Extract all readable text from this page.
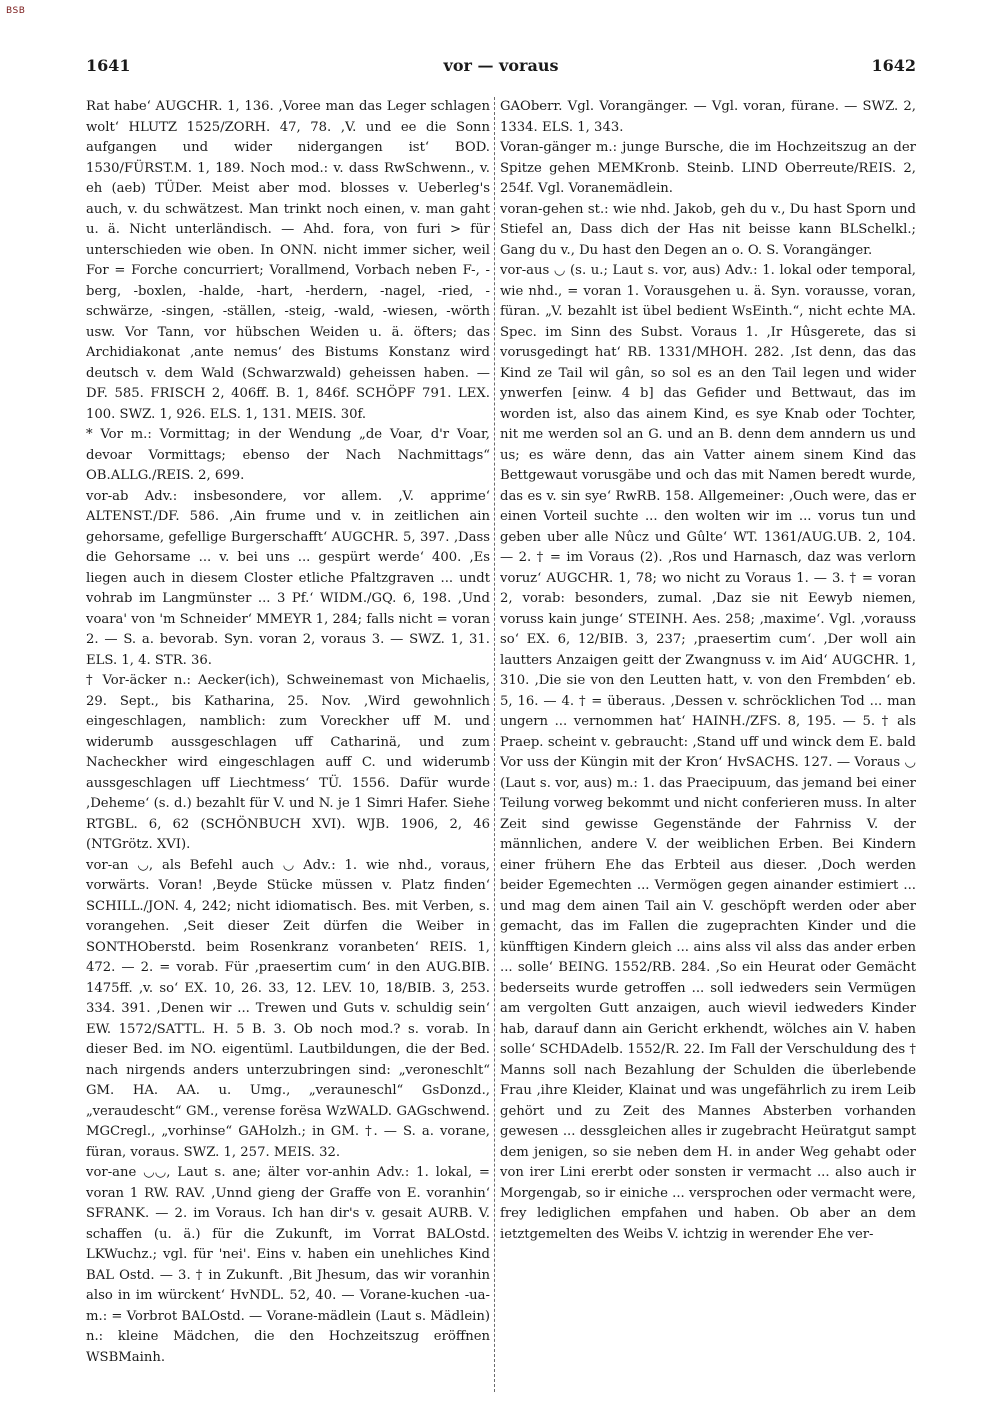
BSB
1641	vor — voraus	1642

Rat habe‘ AUGCHR. 1, 136. ‚Voree man das Leger schlagen wolt‘ HLUTZ 1525/ZORH. 47, 78. ‚V. und ee die Sonn aufgangen und wider nidergangen ist‘ BOD. 1530/FÜRST.M. 1, 189. Noch mod.: v. dass RwSchwenn., v. eh (aeb) TÜDer. Meist aber mod. blosses v. Ueberleg's auch, v. du schwätzest. Man trinkt noch einen, v. man gaht u. ä. Nicht unterländisch. — Ahd. fora, von furi > für unterschieden wie oben. In ONN. nicht immer sicher, weil For = Forche concurriert; Vorallmend, Vorbach neben F-, -berg, -boxlen, -halde, -hart, -herdern, -nagel, -ried, -schwärze, -singen, -ställen, -steig, -wald, -wiesen, -wörth usw. Vor Tann, vor hübschen Weiden u. ä. öfters; das Archidiakonat ‚ante nemus‘ des Bistums Konstanz wird deutsch v. dem Wald (Schwarzwald) geheissen haben. — DF. 585. FRISCH 2, 406ff. B. 1, 846f. SCHÖPF 791. LEX. 100. SWZ. 1, 926. ELS. 1, 131. MEIS. 30f.

* Vor m.: Vormittag; in der Wendung „de Voar, d'r Voar, devoar Vormittags; ebenso der Nach Nachmittags“ OB.ALLG./REIS. 2, 699.

vor-ab Adv.: insbesondere, vor allem. ‚V. apprime‘ ALTENST./DF. 586. ‚Ain frume und v. in zeitlichen ain gehorsame, gefellige Burgerschafft‘ AUGCHR. 5, 397. ‚Dass die Gehorsame ... v. bei uns ... gespürt werde‘ 400. ‚Es liegen auch in diesem Closter etliche Pfaltzgraven ... undt vohrab im Langmünster ... 3 Pf.‘ WIDM./GQ. 6, 198. ‚Und voara' von 'm Schneider‘ MMEYR 1, 284; falls nicht = voran 2. — S. a. bevorab. Syn. voran 2, voraus 3. — SWZ. 1, 31. ELS. 1, 4. STR. 36.

† Vor-äcker n.: Aecker(ich), Schweinemast von Michaelis, 29. Sept., bis Katharina, 25. Nov. ‚Wird gewohnlich eingeschlagen, namblich: zum Voreckher uff M. und widerumb aussgeschlagen uff Catharinä, und zum Nacheckher wird eingeschlagen auff C. und widerumb aussgeschlagen uff Liechtmess‘ TÜ. 1556. Dafür wurde ‚Deheme‘ (s. d.) bezahlt für V. und N. je 1 Simri Hafer. Siehe RTGBL. 6, 62 (SCHÖNBUCH XVI). WJB. 1906, 2, 46 (NTGrötz. XVI).

vor-an ◡, als Befehl auch ◡ Adv.: 1. wie nhd., voraus, vorwärts. Voran! ‚Beyde Stücke müssen v. Platz finden‘ SCHILL./JON. 4, 242; nicht idiomatisch. Bes. mit Verben, s. vorangehen. ‚Seit dieser Zeit dürfen die Weiber in SONTHOberstd. beim Rosenkranz voranbeten‘ REIS. 1, 472. — 2. = vorab. Für ‚praesertim cum‘ in den AUG.BIB. 1475ff. ‚v. so‘ EX. 10, 26. 33, 12. LEV. 10, 18/BIB. 3, 253. 334. 391. ‚Denen wir ... Trewen und Guts v. schuldig sein‘ EW. 1572/SATTL. H. 5 B. 3. Ob noch mod.? s. vorab. In dieser Bed. im NO. eigentüml. Lautbildungen, die der Bed. nach nirgends anders unterzubringen sind: „veroneschlt“ GM. HA. AA. u. Umg., „verauneschl“ GsDonzd., „veraudescht“ GM., verense forësa WzWALD. GAGschwend. MGCregl., „vorhinse“ GAHolzh.; in GM. †. — S. a. vorane, füran, voraus. SWZ. 1, 257. MEIS. 32.

vor-ane ◡◡, Laut s. ane; älter vor-anhin Adv.: 1. lokal, = voran 1 RW. RAV. ‚Unnd gieng der Graffe von E. voranhin‘ SFRANK. — 2. im Voraus. Ich han dir's v. gesait AURB. V. schaffen (u. ä.) für die Zukunft, im Vorrat BALOstd. LKWuchz.; vgl. für 'nei'. Eins v. haben ein unehliches Kind BAL Ostd. — 3. † in Zukunft. ‚Bit Jhesum, das wir voranhin also in im würckent‘ HvNDL. 52, 40. — Vorane-kuchen -ua- m.: = Vorbrot BALOstd. — Vorane-mädlein (Laut s. Mädlein) n.: kleine Mädchen, die den Hochzeitszug eröffnen WSBMainh.

GAOberr. Vgl. Vorangänger. — Vgl. voran, fürane. — SWZ. 2, 1334. ELS. 1, 343.

Voran-gänger m.: junge Bursche, die im Hochzeitszug an der Spitze gehen MEMKronb. Steinb. LIND Oberreute/REIS. 2, 254f. Vgl. Voranemädlein.

voran-gehen st.: wie nhd. Jakob, geh du v., Du hast Sporn und Stiefel an, Dass dich der Has nit beisse kann BLSchelkl.; Gang du v., Du hast den Degen an o. O. S. Vorangänger.

vor-aus ◡ (s. u.; Laut s. vor, aus) Adv.: 1. lokal oder temporal, wie nhd., = voran 1. Vorausgehen u. ä. Syn. vorausse, voran, füran. „V. bezahlt ist übel bedient WsEinth.“, nicht echte MA. Spec. im Sinn des Subst. Voraus 1. ‚Ir Hûsgerete, das si vorusgedingt hat‘ RB. 1331/MHOH. 282. ‚Ist denn, das das Kind ze Tail wil gân, so sol es an den Tail legen und wider ynwerfen [einw. 4 b] das Gefider und Bettwaut, das im worden ist, also das ainem Kind, es sye Knab oder Tochter, nit me werden sol an G. und an B. denn dem anndern us und us; es wäre denn, das ain Vatter ainem sinem Kind das Bettgewaut vorusgäbe und och das mit Namen beredt wurde, das es v. sin sye‘ RwRB. 158. Allgemeiner: ‚Ouch were, das er einen Vorteil suchte ... den wolten wir im ... vorus tun und geben uber alle Nûcz und Gûlte‘ WT. 1361/AUG.UB. 2, 104. — 2. † = im Voraus (2). ‚Ros und Harnasch, daz was verlorn voruz‘ AUGCHR. 1, 78; wo nicht zu Voraus 1. — 3. † = voran 2, vorab: besonders, zumal. ‚Daz sie nit Eewyb niemen, voruss kain junge‘ STEINH. Aes. 258; ‚maxime‘. Vgl. ‚vorauss so‘ EX. 6, 12/BIB. 3, 237; ‚praesertim cum‘. ‚Der woll ain lautters Anzaigen geitt der Zwangnuss v. im Aid‘ AUGCHR. 1, 310. ‚Die sie von den Leutten hatt, v. von den Frembden‘ eb. 5, 16. — 4. † = überaus. ‚Dessen v. schröcklichen Tod ... man ungern ... vernommen hat‘ HAINH./ZFS. 8, 195. — 5. † als Praep. scheint v. gebraucht: ‚Stand uff und winck dem E. bald Vor uss der Küngin mit der Kron‘ HvSACHS. 127. — Voraus ◡ (Laut s. vor, aus) m.: 1. das Praecipuum, das jemand bei einer Teilung vorweg bekommt und nicht conferieren muss. In alter Zeit sind gewisse Gegenstände der Fahrniss V. der männlichen, andere V. der weiblichen Erben. Bei Kindern einer frühern Ehe das Erbteil aus dieser. ‚Doch werden beider Egemechten ... Vermögen gegen ainander estimiert ... und mag dem ainen Tail ain V. geschöpft werden oder aber gemacht, das im Fallen die zugeprachten Kinder und die künfftigen Kindern gleich ... ains alss vil alss das ander erben ... solle‘ BEING. 1552/RB. 284. ‚So ein Heurat oder Gemächt bederseits wurde getroffen ... soll iedweders sein Vermügen am vergolten Gutt anzaigen, auch wievil iedweders Kinder hab, darauf dann ain Gericht erkhendt, wölches ain V. haben solle‘ SCHDAdelb. 1552/R. 22. Im Fall der Verschuldung des † Manns soll nach Bezahlung der Schulden die überlebende Frau ‚ihre Kleider, Klainat und was ungefährlich zu irem Leib gehört und zu Zeit des Mannes Absterben vorhanden gewesen ... dessgleichen alles ir zugebracht Heüratgut sampt dem jenigen, so sie neben dem H. in ander Weg gehabt oder von irer Lini ererbt oder sonsten ir vermacht ... also auch ir Morgengab, so ir einiche ... versprochen oder vermacht were, frey lediglichen empfahen und haben. Ob aber an dem ietztgemelten des Weibs V. ichtzig in werender Ehe ver-
